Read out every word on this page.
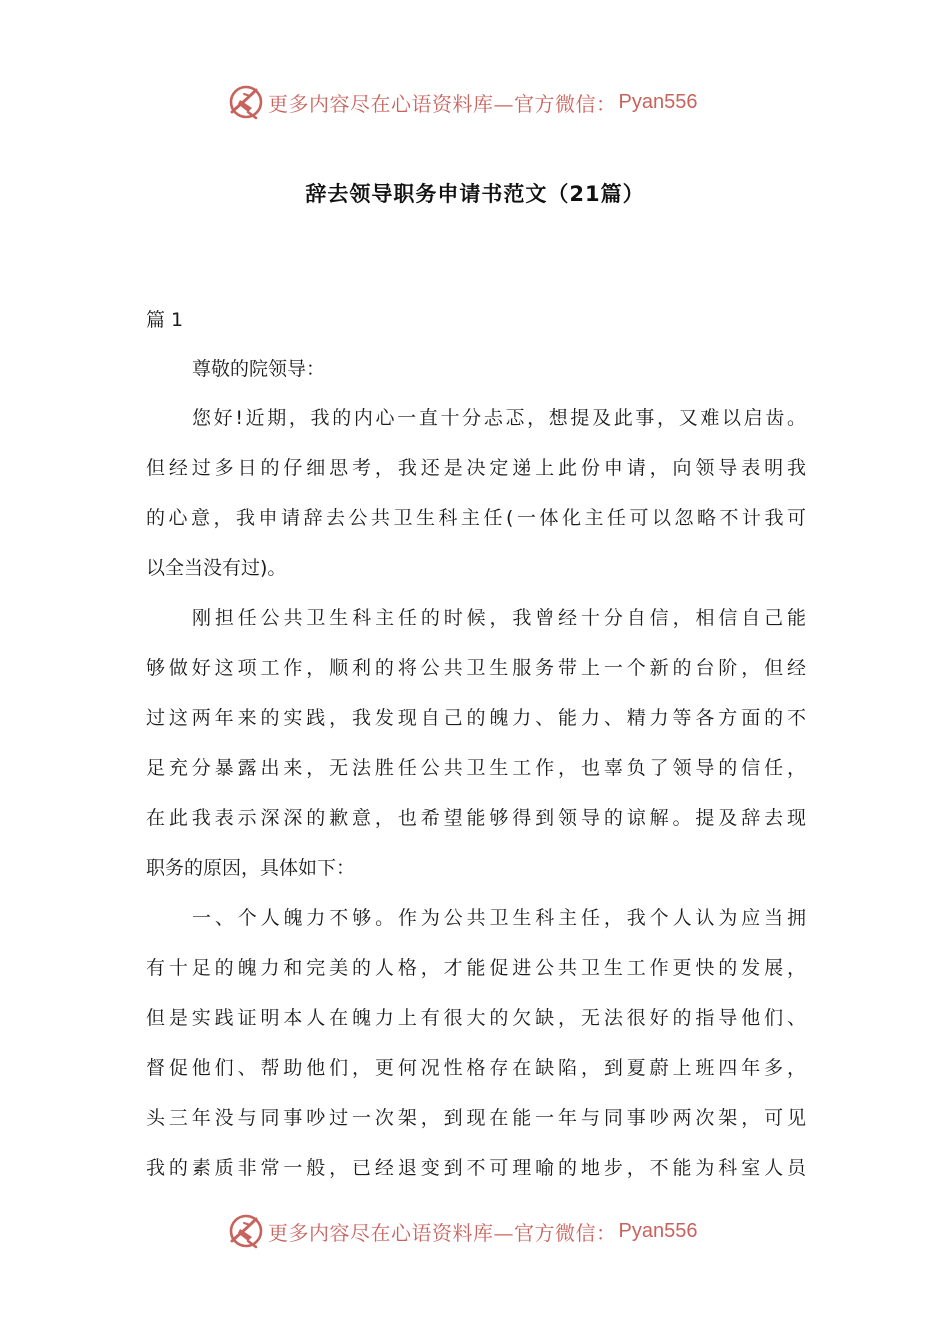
更多内容尽在心语资料库—官方微信： Pyan556
辞去领导职务申请书范文（21篇）
篇 1
尊敬的院领导：
您好!近期，我的内心一直十分忐忑，想提及此事，又难以启齿。
但经过多日的仔细思考，我还是决定递上此份申请，向领导表明我
的心意，我申请辞去公共卫生科主任(一体化主任可以忽略不计我可
以全当没有过)。
刚担任公共卫生科主任的时候，我曾经十分自信，相信自己能
够做好这项工作，顺利的将公共卫生服务带上一个新的台阶，但经
过这两年来的实践，我发现自己的魄力、能力、精力等各方面的不
足充分暴露出来，无法胜任公共卫生工作，也辜负了领导的信任，
在此我表示深深的歉意，也希望能够得到领导的谅解。提及辞去现
职务的原因，具体如下：
一、个人魄力不够。作为公共卫生科主任，我个人认为应当拥
有十足的魄力和完美的人格，才能促进公共卫生工作更快的发展，
但是实践证明本人在魄力上有很大的欠缺，无法很好的指导他们、
督促他们、帮助他们，更何况性格存在缺陷，到夏蔚上班四年多，
头三年没与同事吵过一次架，到现在能一年与同事吵两次架，可见
我的素质非常一般，已经退变到不可理喻的地步，不能为科室人员
更多内容尽在心语资料库—官方微信： Pyan556
